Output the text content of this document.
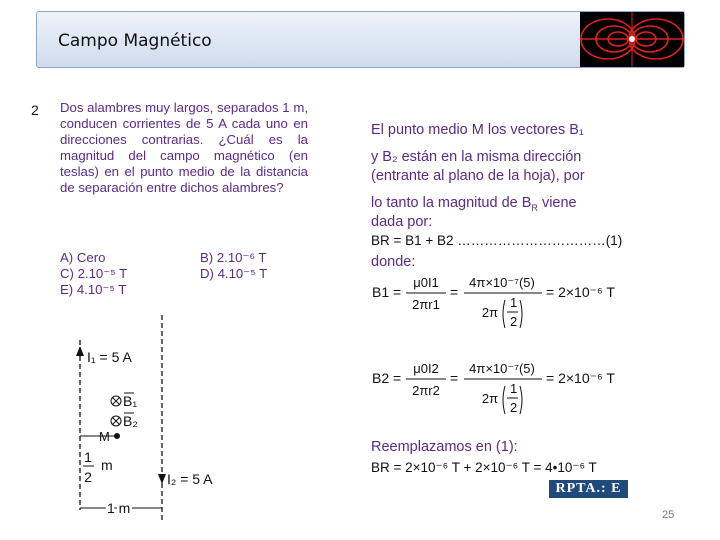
Campo Magnético
2 Dos alambres muy largos, separados 1 m, conducen corrientes de 5 A cada uno en direcciones contrarias. ¿Cuál es la magnitud del campo magnético (en teslas) en el punto medio de la distancia de separación entre dichos alambres?

A) Cero	B) 2.10⁻⁶ T
C) 2.10⁻⁵ T	D) 4.10⁻⁵ T
E) 4.10⁻⁵ T
I₁ = 5 A
B₁
B₂
M
1
2
m
I₂ = 5 A
1 m
El punto medio M los vectores B₁
y B₂ están en la misma dirección
(entrante al plano de la hoja), por
lo tanto la magnitud de $B_R$ viene
dada por:
BR = B1 + B2 ……………………………(1)
donde:
B1 =
μ0I1
2πr1
=
4π×10⁻⁷(5)
2π
1
2
= 2×10⁻⁶ T
B2 =
μ0I2
2πr2
=
4π×10⁻⁷(5)
2π
1
2
= 2×10⁻⁶ T
Reemplazamos en (1):
BR = 2×10⁻⁶ T + 2×10⁻⁶ T = 4•10⁻⁶ T
RPTA.: E
25
